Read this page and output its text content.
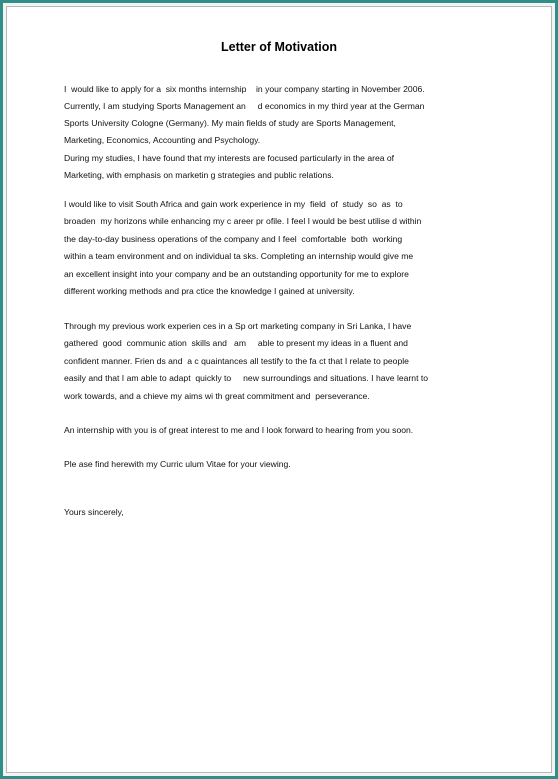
Letter of Motivation
I  would like to apply for a  six months internship    in your company starting in November 2006.
Currently, I am studying Sports Management an     d economics in my third year at the German
Sports University Cologne (Germany). My main fields of study are Sports Management,
Marketing, Economics, Accounting and Psychology.
During my studies, I have found that my interests are focused particularly in the area of
Marketing, with emphasis on marketin g strategies and public relations.
I would like to visit South Africa and gain work experience in my  field  of  study  so  as  to
broaden  my horizons while enhancing my c areer pr ofile. I feel I would be best utilise d within
the day-to-day business operations of the company and I feel  comfortable  both  working
within a team environment and on individual ta sks. Completing an internship would give me
an excellent insight into your company and be an outstanding opportunity for me to explore
different working methods and pra ctice the knowledge I gained at university.
Through my previous work experien ces in a Sp ort marketing company in Sri Lanka, I have
gathered  good  communic ation  skills and   am     able to present my ideas in a fluent and
confident manner. Frien ds and  a c quaintances all testify to the fa ct that I relate to people
easily and that I am able to adapt  quickly to     new surroundings and situations. I have learnt to
work towards, and a chieve my aims wi th great commitment and  perseverance.
An internship with you is of great interest to me and I look forward to hearing from you soon.
Ple ase find herewith my Curric ulum Vitae for your viewing.
Yours sincerely,
